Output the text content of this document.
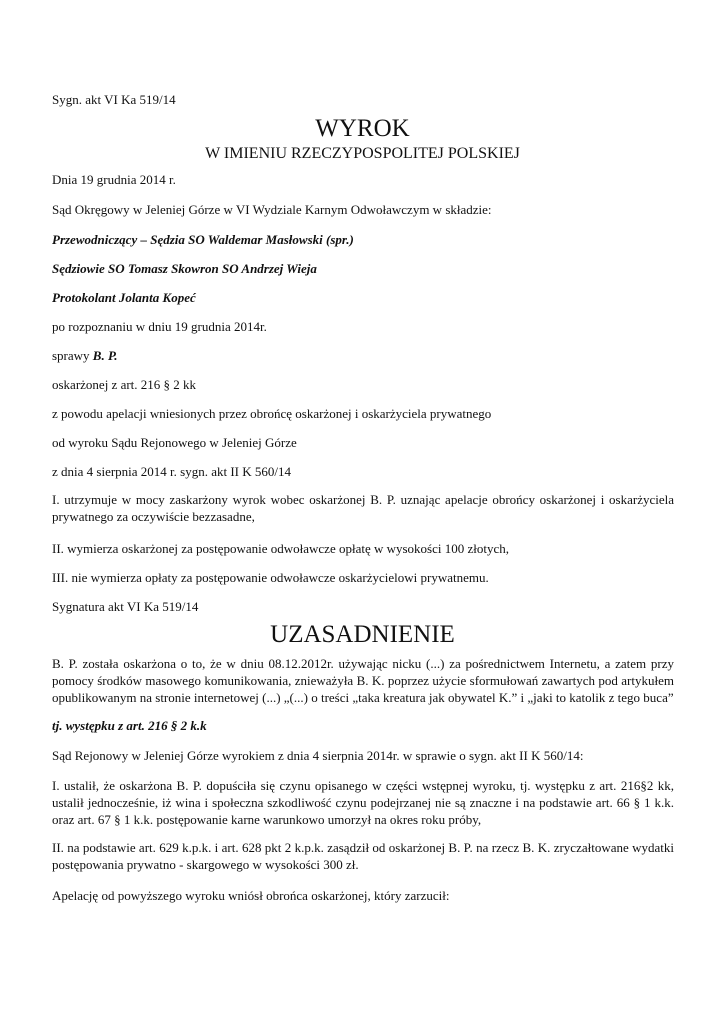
Sygn. akt VI Ka 519/14

WYROK
W IMIENIU RZECZYPOSPOLITEJ POLSKIEJ

Dnia 19 grudnia 2014 r.

Sąd Okręgowy w Jeleniej Górze w VI Wydziale Karnym Odwoławczym w składzie:

Przewodniczący – Sędzia SO Waldemar Masłowski (spr.)

Sędziowie SO Tomasz Skowron SO Andrzej Wieja

Protokolant Jolanta Kopeć

po rozpoznaniu w dniu 19 grudnia 2014r.

sprawy B. P.

oskarżonej z art. 216 § 2 kk

z powodu apelacji wniesionych przez obrońcę oskarżonej i oskarżyciela prywatnego

od wyroku Sądu Rejonowego w Jeleniej Górze

z dnia 4 sierpnia 2014 r. sygn. akt II K 560/14

I. utrzymuje w mocy zaskarżony wyrok wobec oskarżonej B. P. uznając apelacje obrońcy oskarżonej i oskarżyciela prywatnego za oczywiście bezzasadne,

II. wymierza oskarżonej za postępowanie odwoławcze opłatę w wysokości 100 złotych,

III. nie wymierza opłaty za postępowanie odwoławcze oskarżycielowi prywatnemu.

Sygnatura akt VI Ka 519/14

UZASADNIENIE

B. P. została oskarżona o to, że w dniu 08.12.2012r. używając nicku (...) za pośrednictwem Internetu, a zatem przy pomocy środków masowego komunikowania, znieważyła B. K. poprzez użycie sformułowań zawartych pod artykułem opublikowanym na stronie internetowej (...) „(...) o treści „taka kreatura jak obywatel K.” i „jaki to katolik z tego buca”

tj. występku z art. 216 § 2 k.k

Sąd Rejonowy w Jeleniej Górze wyrokiem z dnia 4 sierpnia 2014r. w sprawie o sygn. akt II K 560/14:

I. ustalił, że oskarżona B. P. dopuściła się czynu opisanego w części wstępnej wyroku, tj. występku z art. 216§2 kk, ustalił jednocześnie, iż wina i społeczna szkodliwość czynu podejrzanej nie są znaczne i na podstawie art. 66 § 1 k.k. oraz art. 67 § 1 k.k. postępowanie karne warunkowo umorzył na okres roku próby,

II. na podstawie art. 629 k.p.k. i art. 628 pkt 2 k.p.k. zasądził od oskarżonej B. P. na rzecz B. K. zryczałtowane wydatki postępowania prywatno - skargowego w wysokości 300 zł.

Apelację od powyższego wyroku wniósł obrońca oskarżonej, który zarzucił:
